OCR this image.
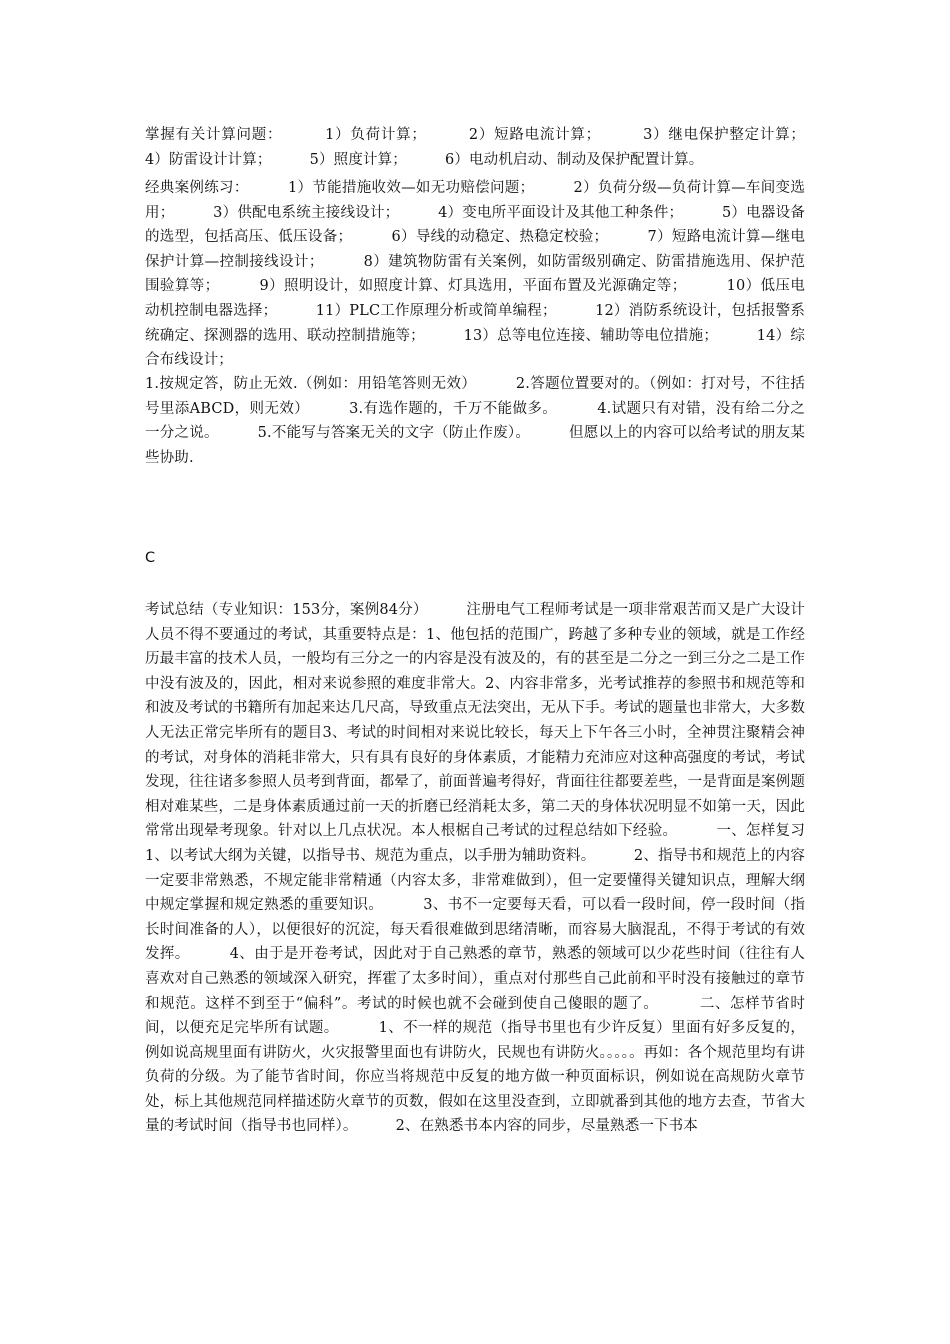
掌握有关计算问题：        1）负荷计算；        2）短路电流计算；        3）继电保护整定计算；        4）防雷设计计算；        5）照度计算；        6）电动机启动、制动及保护配置计算。
经典案例练习：        1）节能措施收效—如无功赔偿问题；        2）负荷分级—负荷计算—车间变选用；        3）供配电系统主接线设计；        4）变电所平面设计及其他工种条件；        5）电器设备的选型，包括高压、低压设备；        6）导线的动稳定、热稳定校验；        7）短路电流计算—继电保护计算—控制接线设计；        8）建筑物防雷有关案例，如防雷级别确定、防雷措施选用、保护范围验算等；        9）照明设计，如照度计算、灯具选用，平面布置及光源确定等；        10）低压电动机控制电器选择；        11）PLC工作原理分析或简单编程；        12）消防系统设计，包括报警系统确定、探测器的选用、联动控制措施等；        13）总等电位连接、辅助等电位措施；        14）综合布线设计；
1.按规定答，防止无效.（例如：用铅笔答则无效）        2.答题位置要对的。（例如：打对号，不往括号里添ABCD，则无效）        3.有选作题的，千万不能做多。        4.试题只有对错，没有给二分之一分之说。        5.不能写与答案无关的文字（防止作废）。        但愿以上的内容可以给考试的朋友某些协助.
C
考试总结（专业知识：153分，案例84分）        注册电气工程师考试是一项非常艰苦而又是广大设计人员不得不要通过的考试，其重要特点是：1、他包括的范围广，跨越了多种专业的领域，就是工作经历最丰富的技术人员，一般均有三分之一的内容是没有波及的，有的甚至是二分之一到三分之二是工作中没有波及的，因此，相对来说参照的难度非常大。2、内容非常多，光考试推荐的参照书和规范等和和波及考试的书籍所有加起来达几尺高，导致重点无法突出，无从下手。考试的题量也非常大，大多数人无法正常完毕所有的题目3、考试的时间相对来说比较长，每天上下午各三小时，全神贯注聚精会神的考试，对身体的消耗非常大，只有具有良好的身体素质，才能精力充沛应对这种高强度的考试，考试发现，往往诸多参照人员考到背面，都晕了，前面普遍考得好，背面往往都要差些，一是背面是案例题相对难某些，二是身体素质通过前一天的折磨已经消耗太多，第二天的身体状况明显不如第一天，因此常常出现晕考现象。针对以上几点状况。本人根椐自己考试的过程总结如下经验。        一、怎样复习        1、以考试大纲为关键，以指导书、规范为重点，以手册为辅助资料。        2、指导书和规范上的内容一定要非常熟悉，不规定能非常精通（内容太多，非常难做到），但一定要懂得关键知识点，理解大纲中规定掌握和规定熟悉的重要知识。        3、书不一定要每天看，可以看一段时间，停一段时间（指长时间准备的人），以便很好的沉淀，每天看很难做到思绪清晰，而容易大脑混乱，不得于考试的有效发挥。        4、由于是开卷考试，因此对于自己熟悉的章节，熟悉的领域可以少花些时间（往往有人喜欢对自己熟悉的领域深入研究，挥霍了太多时间），重点对付那些自己此前和平时没有接触过的章节和规范。这样不到至于“偏科”。考试的时候也就不会碰到使自己傻眼的题了。        二、怎样节省时间，以便充足完毕所有试题。        1、不一样的规范（指导书里也有少许反复）里面有好多反复的，例如说高规里面有讲防火，火灾报警里面也有讲防火，民规也有讲防火。。。。。再如：各个规范里均有讲负荷的分级。为了能节省时间，你应当将规范中反复的地方做一种页面标识，例如说在高规防火章节处，标上其他规范同样描述防火章节的页数，假如在这里没查到，立即就番到其他的地方去查，节省大量的考试时间（指导书也同样）。        2、在熟悉书本内容的同步，尽量熟悉一下书本
